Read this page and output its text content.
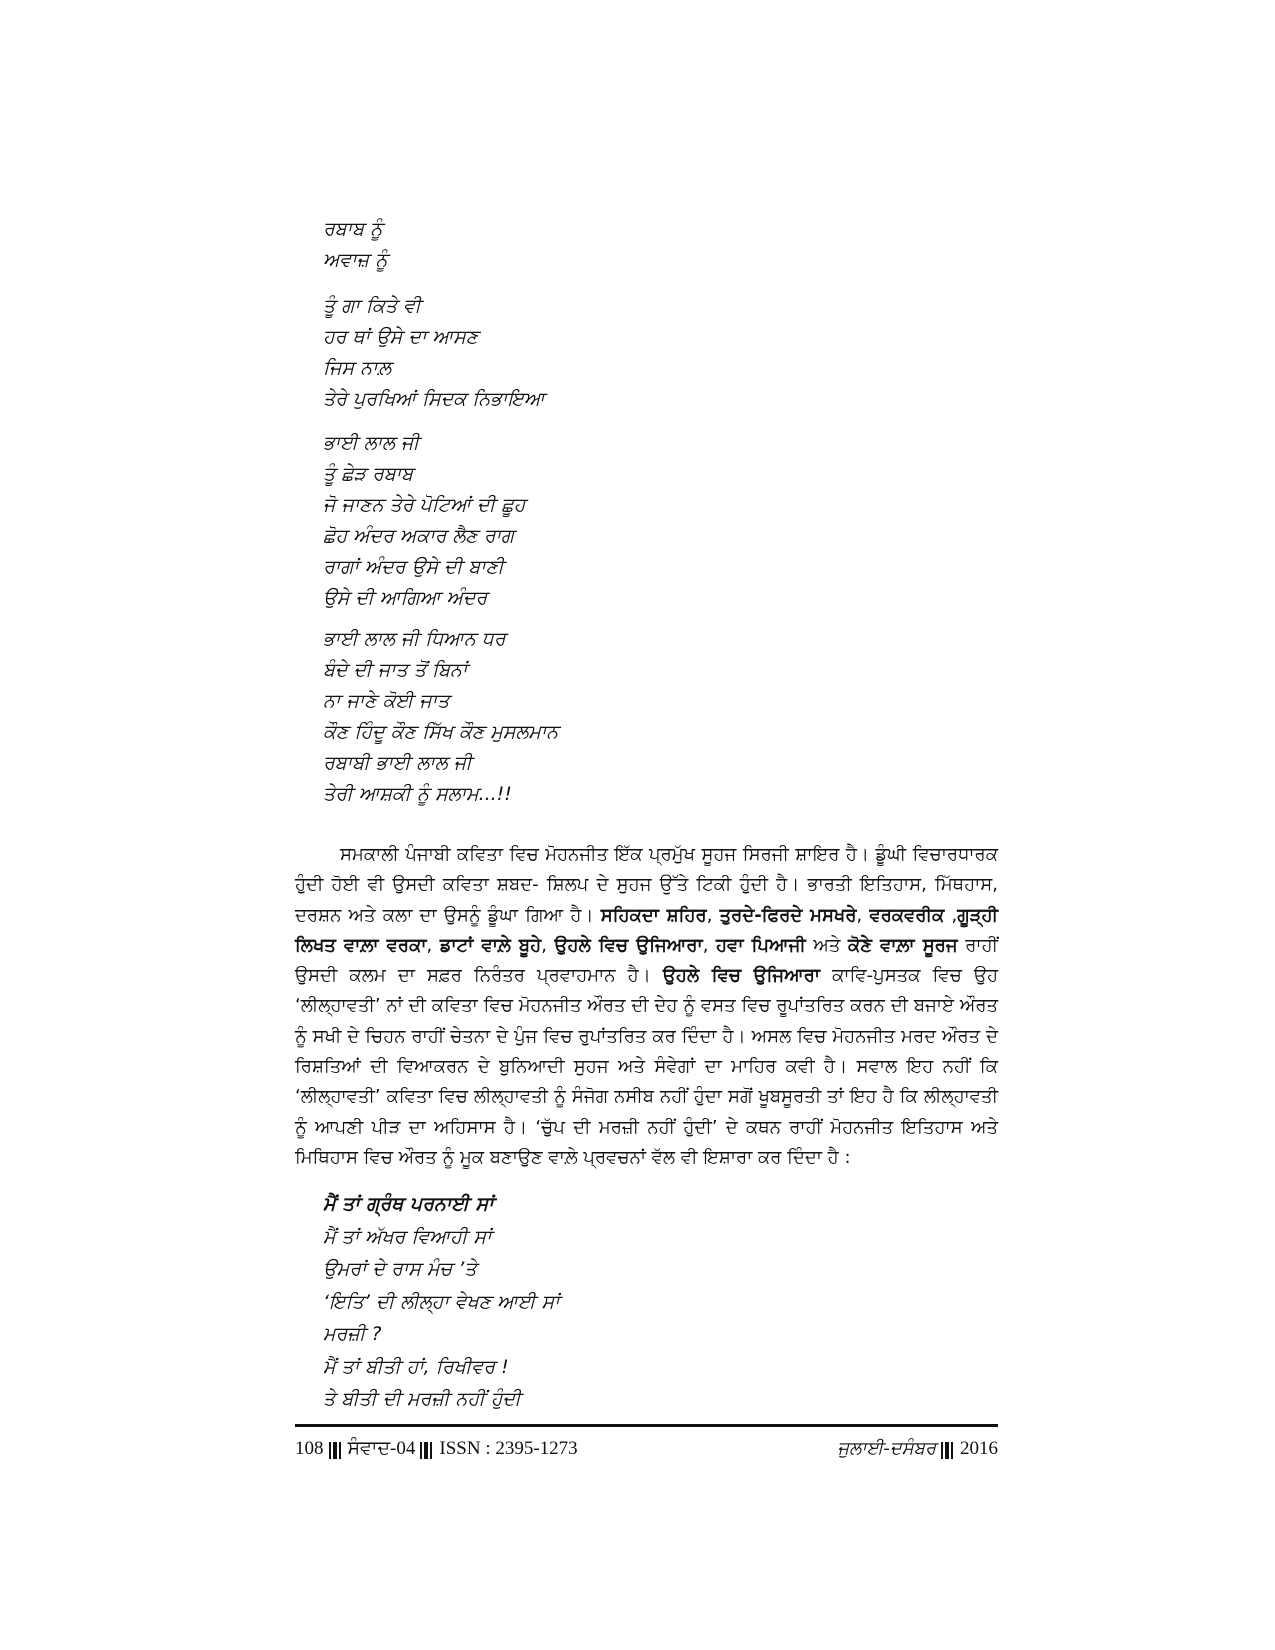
ਰਬਾਬ ਨੂੰ
ਅਵਾਜ਼ ਨੂੰ
ਤੂੰ ਗਾ ਕਿਤੇ ਵੀ
ਹਰ ਥਾਂ ਉਸੇ ਦਾ ਆਸਣ
ਜਿਸ ਨਾਲ਼
ਤੇਰੇ ਪੁਰਖਿਆਂ ਸਿਦਕ ਨਿਭਾਇਆ
ਭਾਈ ਲਾਲ ਜੀ
ਤੂੰ ਛੇੜ ਰਬਾਬ
ਜੋ ਜਾਣਨ ਤੇਰੇ ਪੋਟਿਆਂ ਦੀ ਛੂਹ
ਛੋਹ ਅੰਦਰ ਅਕਾਰ ਲੈਣ ਰਾਗ
ਰਾਗਾਂ ਅੰਦਰ ਉਸੇ ਦੀ ਬਾਣੀ
ਉਸੇ ਦੀ ਆਗਿਆ ਅੰਦਰ
ਭਾਈ ਲਾਲ ਜੀ ਧਿਆਨ ਧਰ
ਬੰਦੇ ਦੀ ਜਾਤ ਤੋਂ ਬਿਨਾਂ
ਨਾ ਜਾਣੇ ਕੋਈ ਜਾਤ
ਕੌਣ ਹਿੰਦੂ ਕੌਣ ਸਿੱਖ ਕੌਣ ਮੁਸਲਮਾਨ
ਰਬਾਬੀ ਭਾਈ ਲਾਲ ਜੀ
ਤੇਰੀ ਆਸ਼ਕੀ ਨੂੰ ਸਲਾਮ...!!

ਸਮਕਾਲੀ ਪੰਜਾਬੀ ਕਵਿਤਾ ਵਿਚ ਮੋਹਨਜੀਤ ਇੱਕ ਪ੍ਰਮੁੱਖ ਸੂਹਜ ਸਿਰਜੀ ਸ਼ਾਇਰ ਹੈ। ਡੂੰਘੀ ਵਿਚਾਰਧਾਰਕ ਹੁੰਦੀ ਹੋਈ ਵੀ ਉਸਦੀ ਕਵਿਤਾ ਸ਼ਬਦ- ਸ਼ਿਲਪ ਦੇ ਸੁਹਜ ਉੱਤੇ ਟਿਕੀ ਹੁੰਦੀ ਹੈ। ਭਾਰਤੀ ਇਤਿਹਾਸ, ਮਿੱਥਹਾਸ, ਦਰਸ਼ਨ ਅਤੇ ਕਲਾ ਦਾ ਉਸਨੂੰ ਡੂੰਘਾ ਗਿਆ ਹੈ। ਸਹਿਕਦਾ ਸ਼ਹਿਰ, ਤੁਰਦੇ-ਫਿਰਦੇ ਮਸਖਰੇ, ਵਰਕਵਰੀਕ ,ਗੂੜ੍ਹੀ ਲਿਖਤ ਵਾਲ਼ਾ ਵਰਕਾ, ਡਾਟਾਂ ਵਾਲ਼ੇ ਬੂਹੇ, ਉਹਲੇ ਵਿਚ ਉਜਿਆਰਾ, ਹਵਾ ਪਿਆਜੀ ਅਤੇ ਕੋਣੇ ਵਾਲ਼ਾ ਸੂਰਜ ਰਾਹੀਂ ਉਸਦੀ ਕਲਮ ਦਾ ਸਫ਼ਰ ਨਿਰੰਤਰ ਪ੍ਰਵਾਹਮਾਨ ਹੈ। ਉਹਲੇ ਵਿਚ ਉਜਿਆਰਾ ਕਾਵਿ-ਪੁਸਤਕ ਵਿਚ ਉਹ ‘ਲੀਲ੍ਹਾਵਤੀ’ ਨਾਂ ਦੀ ਕਵਿਤਾ ਵਿਚ ਮੋਹਨਜੀਤ ਔਰਤ ਦੀ ਦੇਹ ਨੂੰ ਵਸਤ ਵਿਚ ਰੂਪਾਂਤਰਿਤ ਕਰਨ ਦੀ ਬਜਾਏ ਔਰਤ ਨੂੰ ਸਖੀ ਦੇ ਚਿਹਨ ਰਾਹੀਂ ਚੇਤਨਾ ਦੇ ਪੁੰਜ ਵਿਚ ਰੁਪਾਂਤਰਿਤ ਕਰ ਦਿੰਦਾ ਹੈ। ਅਸਲ ਵਿਚ ਮੋਹਨਜੀਤ ਮਰਦ ਔਰਤ ਦੇ ਰਿਸ਼ਤਿਆਂ ਦੀ ਵਿਆਕਰਨ ਦੇ ਬੁਨਿਆਦੀ ਸੁਹਜ ਅਤੇ ਸੰਵੇਗਾਂ ਦਾ ਮਾਹਿਰ ਕਵੀ ਹੈ। ਸਵਾਲ ਇਹ ਨਹੀਂ ਕਿ ‘ਲੀਲ੍ਹਾਵਤੀ’ ਕਵਿਤਾ ਵਿਚ ਲੀਲ੍ਹਾਵਤੀ ਨੂੰ ਸੰਜੋਗ ਨਸੀਬ ਨਹੀਂ ਹੁੰਦਾ ਸਗੋਂ ਖੂਬਸੂਰਤੀ ਤਾਂ ਇਹ ਹੈ ਕਿ ਲੀਲ੍ਹਾਵਤੀ ਨੂੰ ਆਪਣੀ ਪੀੜ ਦਾ ਅਹਿਸਾਸ ਹੈ। ‘ਚੁੱਪ ਦੀ ਮਰਜ਼ੀ ਨਹੀਂ ਹੁੰਦੀ’ ਦੇ ਕਥਨ ਰਾਹੀਂ ਮੋਹਨਜੀਤ ਇਤਿਹਾਸ ਅਤੇ ਮਿਥਿਹਾਸ ਵਿਚ ਔਰਤ ਨੂੰ ਮੂਕ ਬਣਾਉਣ ਵਾਲ਼ੇ ਪ੍ਰਵਚਨਾਂ ਵੱਲ ਵੀ ਇਸ਼ਾਰਾ ਕਰ ਦਿੰਦਾ ਹੈ :

ਮੈਂ ਤਾਂ ਗ੍ਰੰਥ ਪਰਨਾਈ ਸਾਂ
ਮੈਂ ਤਾਂ ਅੱਖਰ ਵਿਆਹੀ ਸਾਂ
ਉਮਰਾਂ ਦੇ ਰਾਸ ਮੰਚ ’ਤੇ
‘ਇਤਿ’ ਦੀ ਲੀਲ੍ਹਾ ਵੇਖਣ ਆਈ ਸਾਂ
ਮਰਜ਼ੀ ?
ਮੈਂ ਤਾਂ ਬੀਤੀ ਹਾਂ, ਰਿਖੀਵਰ !
ਤੇ ਬੀਤੀ ਦੀ ਮਰਜ਼ੀ ਨਹੀਂ ਹੁੰਦੀ
108 ਸੰਵਾਦ-04 ISSN : 2395-1273	ਜੁਲਾਈ-ਦਸੰਬਰ 2016
